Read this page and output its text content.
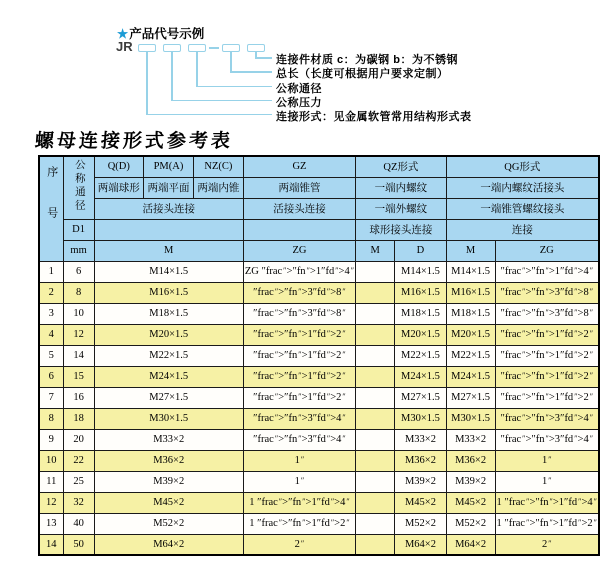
★产品代号示例
JR
连接件材质 c：为碳钢 b：为不锈钢
总长（长度可根据用户要求定制）
公称通径
公称压力
连接形式：见金属软管常用结构形式表
螺母连接形式参考表
序号	公称通径	Q(D)	PM(A)	NZ(C)	GZ	QZ形式		QG形式	
		两端球形	两端平面	两端内锥	两端锥管	一端内螺纹		一端内螺纹活接头	
		活接头连接			活接头连接	一端外螺纹		一端锥管螺纹接头	
	D1					球形接头连接		连接	
	mm	M			ZG	M	D	M	ZG
1	6	M14×1.5			ZG ″frac″>″fn″>1″fd″>4″		M14×1.5	M14×1.5	″frac″>″fn″>1″fd″>4″
2	8	M16×1.5			″frac″>″fn″>3″fd″>8″		M16×1.5	M16×1.5	″frac″>″fn″>3″fd″>8″
3	10	M18×1.5			″frac″>″fn″>3″fd″>8″		M18×1.5	M18×1.5	″frac″>″fn″>3″fd″>8″
4	12	M20×1.5			″frac″>″fn″>1″fd″>2″		M20×1.5	M20×1.5	″frac″>″fn″>1″fd″>2″
5	14	M22×1.5			″frac″>″fn″>1″fd″>2″		M22×1.5	M22×1.5	″frac″>″fn″>1″fd″>2″
6	15	M24×1.5			″frac″>″fn″>1″fd″>2″		M24×1.5	M24×1.5	″frac″>″fn″>1″fd″>2″
7	16	M27×1.5			″frac″>″fn″>1″fd″>2″		M27×1.5	M27×1.5	″frac″>″fn″>1″fd″>2″
8	18	M30×1.5			″frac″>″fn″>3″fd″>4″		M30×1.5	M30×1.5	″frac″>″fn″>3″fd″>4″
9	20	M33×2			″frac″>″fn″>3″fd″>4″		M33×2	M33×2	″frac″>″fn″>3″fd″>4″
10	22	M36×2			1″		M36×2	M36×2	1″
11	25	M39×2			1″		M39×2	M39×2	1″
12	32	M45×2			1 ″frac″>″fn″>1″fd″>4″		M45×2	M45×2	1 ″frac″>″fn″>1″fd″>4″
13	40	M52×2			1 ″frac″>″fn″>1″fd″>2″		M52×2	M52×2	1 ″frac″>″fn″>1″fd″>2″
14	50	M64×2			2″		M64×2	M64×2	2″
